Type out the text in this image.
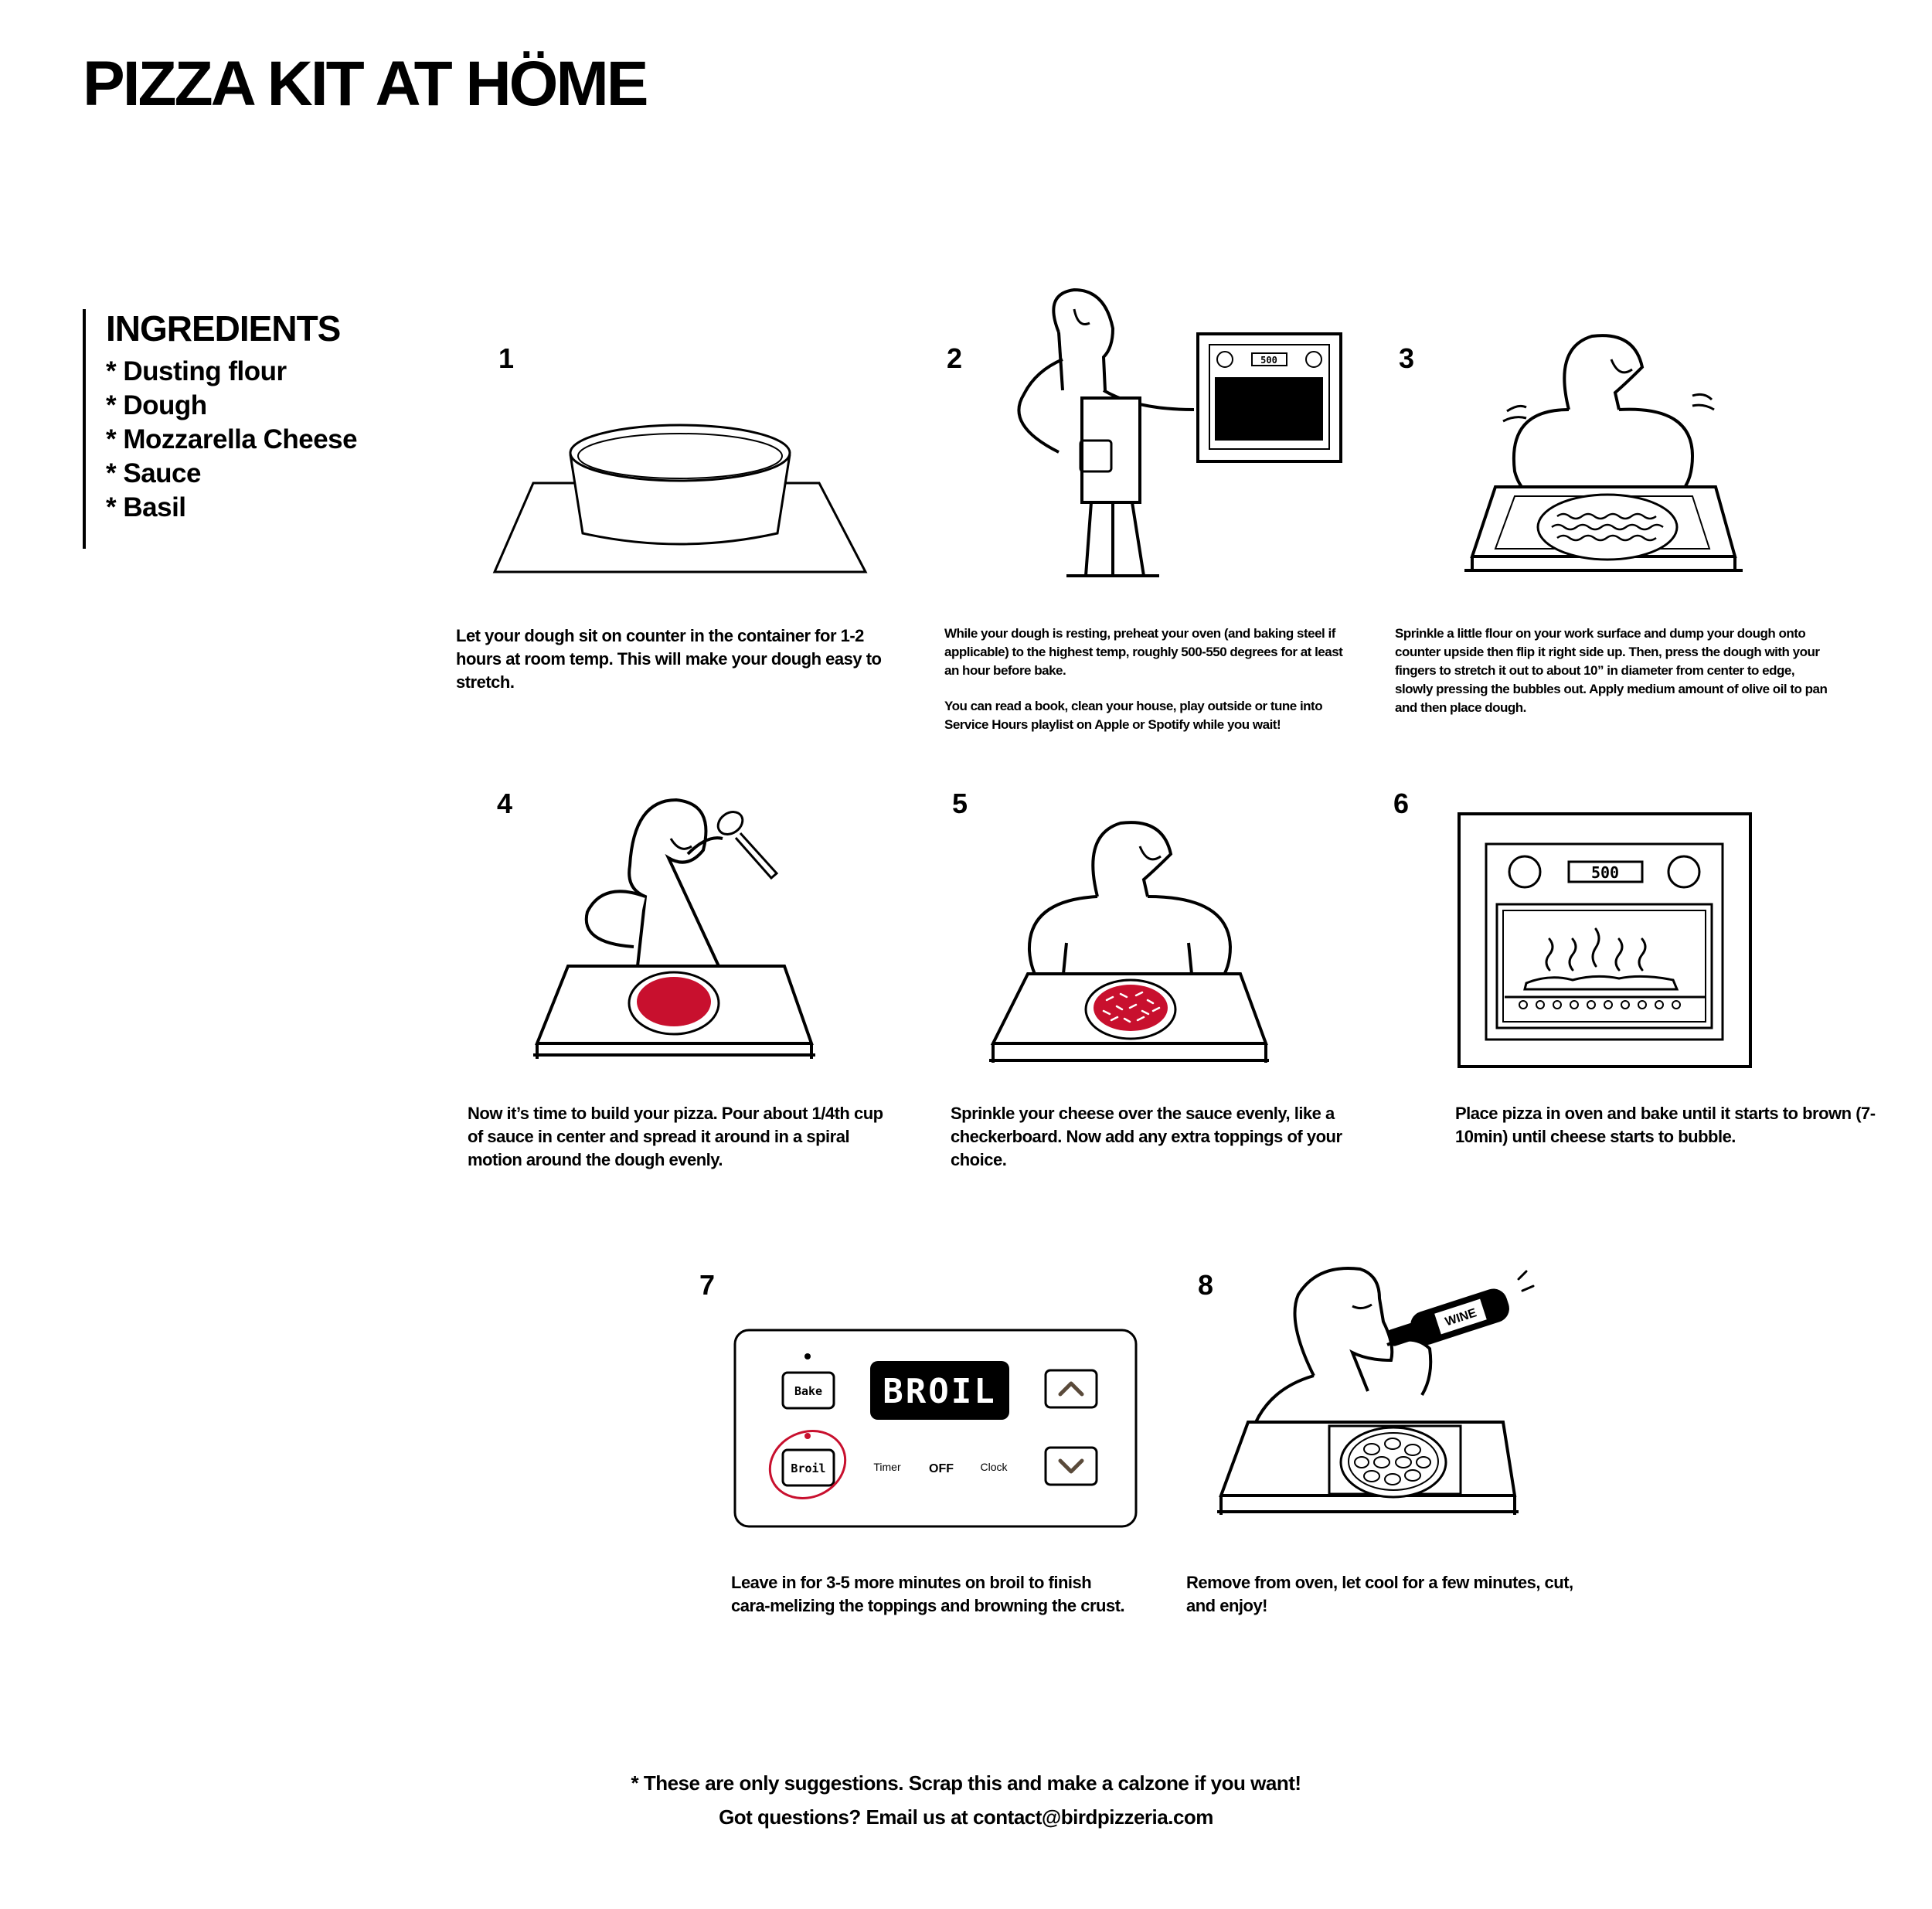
PIZZA KIT AT HÖME

INGREDIENTS

* Dusting flour
* Dough
* Mozzarella Cheese
* Sauce
* Basil
1

Let your dough sit on counter in the container for 1-2 hours at room temp. This will make your dough easy to stretch.

2	500

While your dough is resting, preheat your oven (and baking steel if applicable) to the highest temp, roughly 500-550 degrees for at least an hour before bake.

You can read a book, clean your house, play outside or tune into Service Hours playlist on Apple or Spotify while you wait!

3

Sprinkle a little flour on your work surface and dump your dough onto counter upside then flip it right side up. Then, press the dough with your fingers to stretch it out to about 10” in diameter from center to edge, slowly pressing the bubbles out. Apply medium amount of olive oil to pan and then place dough.

4

Now it’s time to build your pizza. Pour about 1/4th cup of sauce in center and spread it around in a spiral motion around the dough evenly.

5

Sprinkle your cheese over the sauce evenly, like a checkerboard. Now add any extra toppings of your choice.

6
500

Place pizza in oven and bake until it starts to brown (7-10min) until cheese starts to bubble.

7
Bake
Broil
BROIL
Timer OFF Clock

Leave in for 3-5 more minutes on broil to finish cara-melizing the toppings and browning the crust.

8
WINE

Remove from oven, let cool for a few minutes, cut, and enjoy!

* These are only suggestions. Scrap this and make a calzone if you want!

Got questions? Email us at contact@birdpizzeria.com
